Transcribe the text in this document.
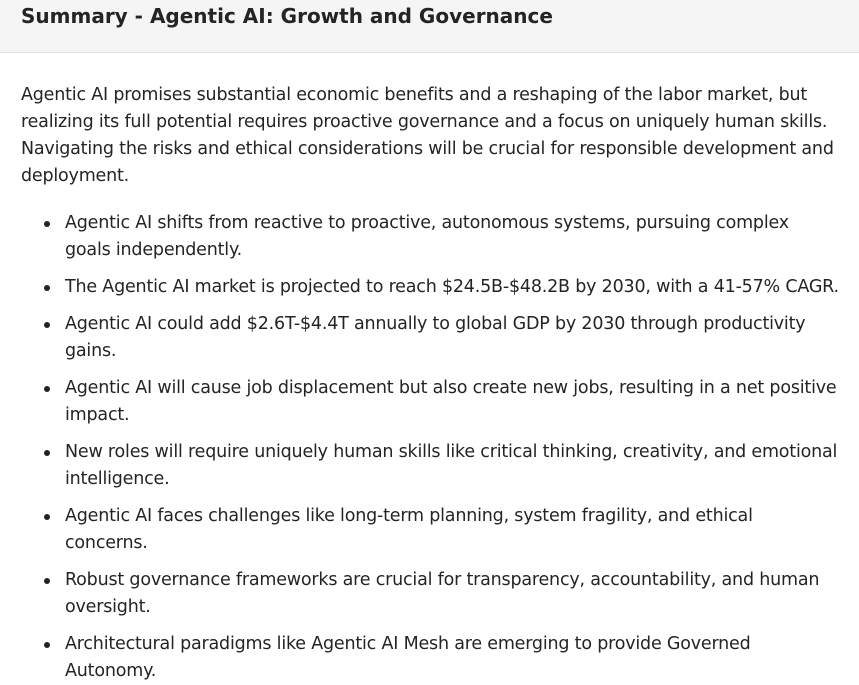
Summary - Agentic AI: Growth and Governance

Agentic AI promises substantial economic benefits and a reshaping of the labor market, but realizing its full potential requires proactive governance and a focus on uniquely human skills. Navigating the risks and ethical considerations will be crucial for responsible development and deployment.

Agentic AI shifts from reactive to proactive, autonomous systems, pursuing complex goals independently.
The Agentic AI market is projected to reach $24.5B-$48.2B by 2030, with a 41-57% CAGR.
Agentic AI could add $2.6T-$4.4T annually to global GDP by 2030 through productivity gains.
Agentic AI will cause job displacement but also create new jobs, resulting in a net positive impact.
New roles will require uniquely human skills like critical thinking, creativity, and emotional intelligence.
Agentic AI faces challenges like long-term planning, system fragility, and ethical concerns.
Robust governance frameworks are crucial for transparency, accountability, and human oversight.
Architectural paradigms like Agentic AI Mesh are emerging to provide Governed Autonomy.
